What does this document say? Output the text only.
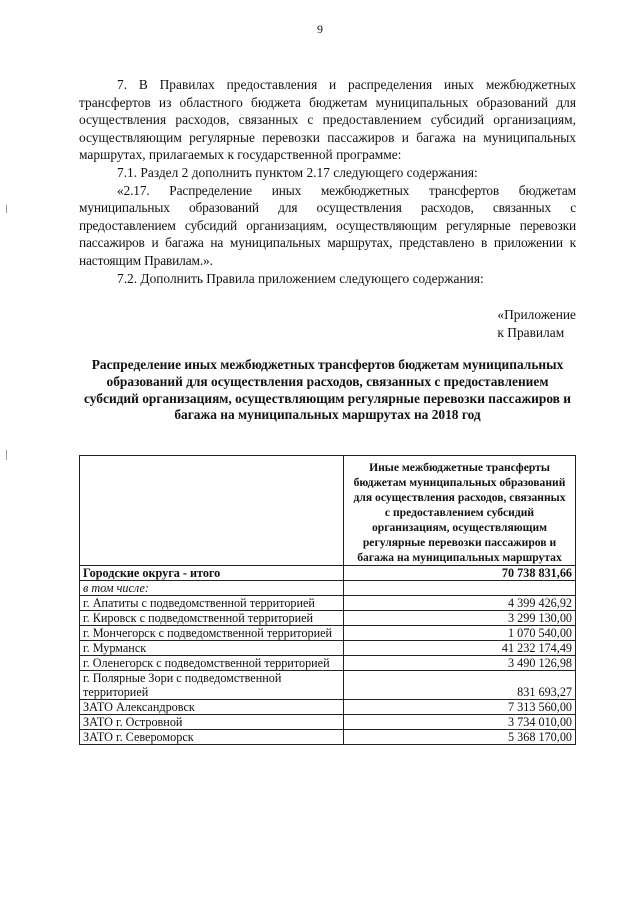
9

7. В Правилах предоставления и распределения иных межбюджетных трансфертов из областного бюджета бюджетам муниципальных образований для осуществления расходов, связанных с предоставлением субсидий организациям, осуществляющим регулярные перевозки пассажиров и багажа на муниципальных маршрутах, прилагаемых к государственной программе:

7.1. Раздел 2 дополнить пунктом 2.17 следующего содержания:

«2.17. Распределение иных межбюджетных трансфертов бюджетам муниципальных образований для осуществления расходов, связанных с предоставлением субсидий организациям, осуществляющим регулярные перевозки пассажиров и багажа на муниципальных маршрутах, представлено в приложении к настоящим Правилам.».

7.2. Дополнить Правила приложением следующего содержания:

«Приложение
к Правилам
Распределение иных межбюджетных трансфертов бюджетам муниципальных образований для осуществления расходов, связанных с предоставлением субсидий организациям, осуществляющим регулярные перевозки пассажиров и багажа на муниципальных маршрутах на 2018 год
	Иные межбюджетные трансферты бюджетам муниципальных образований для осуществления расходов, связанных с предоставлением субсидий организациям, осуществляющим регулярные перевозки пассажиров и багажа на муниципальных маршрутах
Городские округа - итого	70 738 831,66
в том числе:	
г. Апатиты с подведомственной территорией	4 399 426,92
г. Кировск с подведомственной территорией	3 299 130,00
г. Мончегорск с подведомственной территорией	1 070 540,00
г. Мурманск	41 232 174,49
г. Оленегорск с подведомственной территорией	3 490 126,98
г. Полярные Зори с подведомственной территорией	831 693,27
ЗАТО Александровск	7 313 560,00
ЗАТО г. Островной	3 734 010,00
ЗАТО г. Североморск	5 368 170,00
